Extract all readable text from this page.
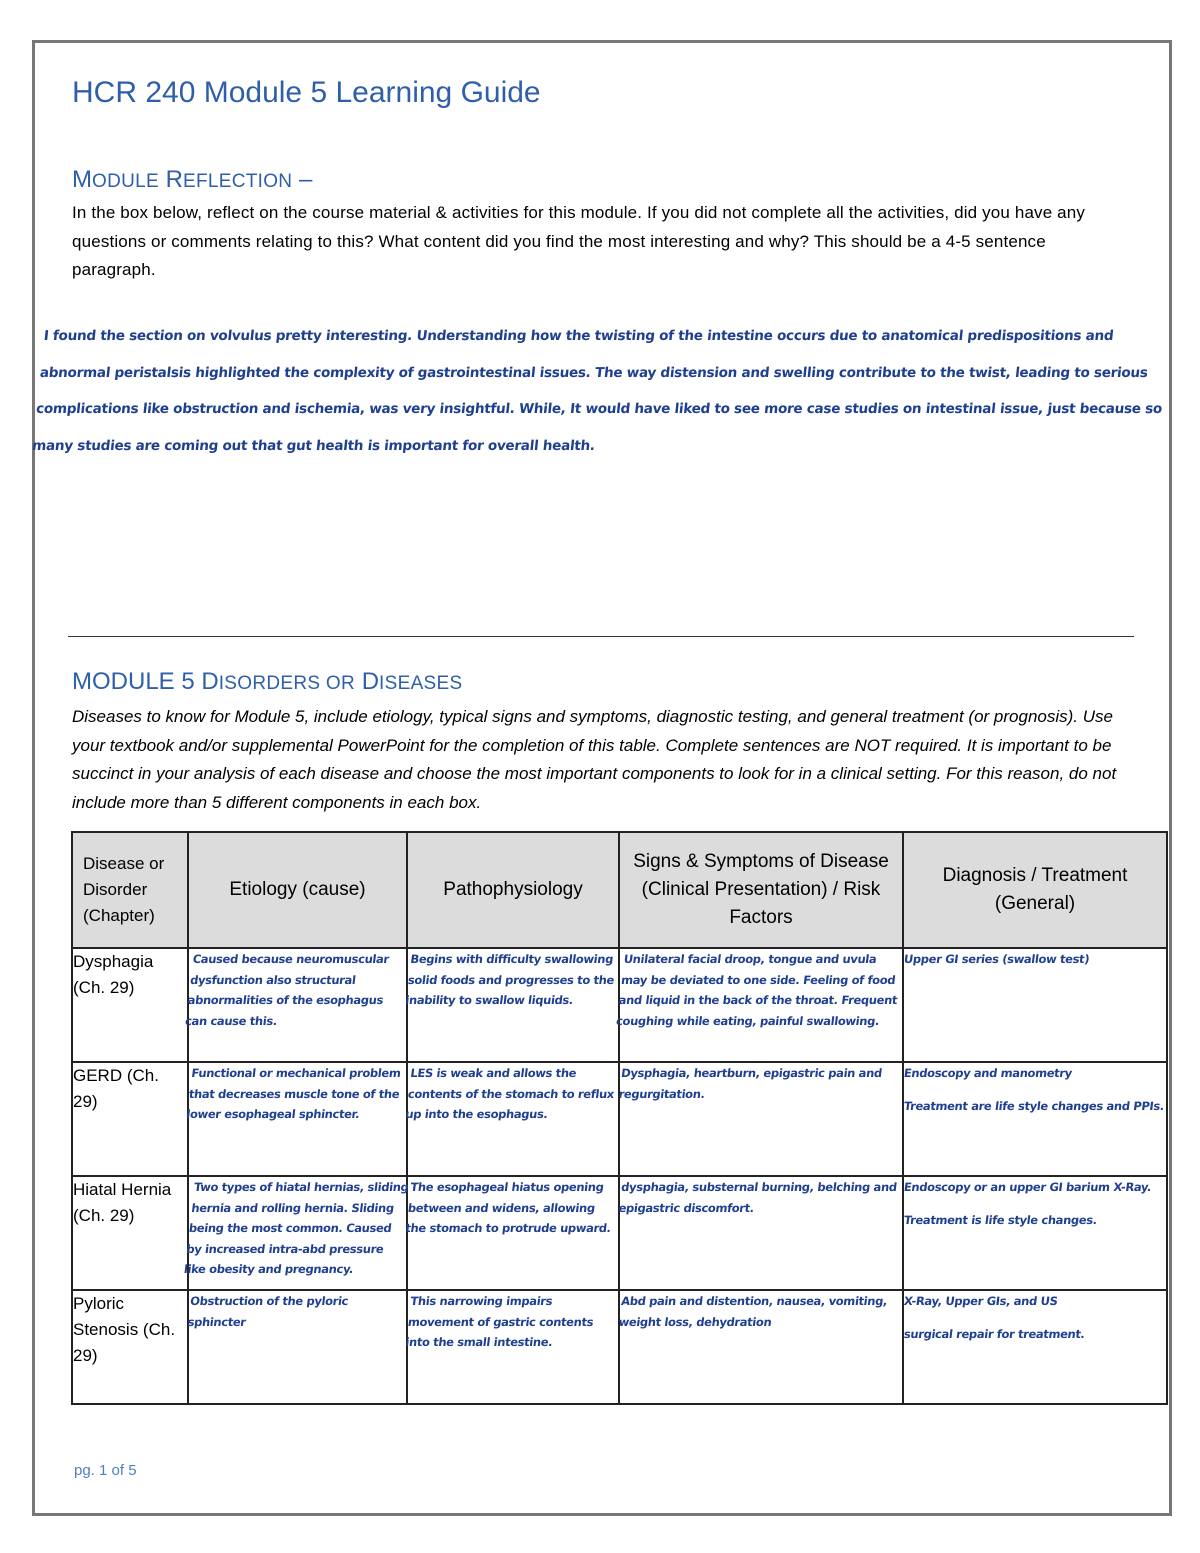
HCR 240 Module 5 Learning Guide
MODULE REFLECTION –

In the box below, reflect on the course material & activities for this module. If you did not complete all the activities, did you have any questions or comments relating to this? What content did you find the most interesting and why? This should be a 4-5 sentence paragraph.

I found the section on volvulus pretty interesting. Understanding how the twisting of the intestine occurs due to anatomical predispositions and abnormal peristalsis highlighted the complexity of gastrointestinal issues. The way distension and swelling contribute to the twist, leading to serious complications like obstruction and ischemia, was very insightful. While, It would have liked to see more case studies on intestinal issue, just because so many studies are coming out that gut health is important for overall health.

MODULE 5 DISORDERS OR DISEASES

Diseases to know for Module 5, include etiology, typical signs and symptoms, diagnostic testing, and general treatment (or prognosis). Use your textbook and/or supplemental PowerPoint for the completion of this table. Complete sentences are NOT required. It is important to be succinct in your analysis of each disease and choose the most important components to look for in a clinical setting. For this reason, do not include more than 5 different components in each box.

Disease or Disorder (Chapter)	Etiology (cause)	Pathophysiology	Signs & Symptoms of Disease (Clinical Presentation) / Risk Factors	Diagnosis / Treatment (General)
Dysphagia (Ch. 29)	Caused because neuromuscular dysfunction also structural abnormalities of the esophagus can cause this.	Begins with difficulty swallowing solid foods and progresses to the inability to swallow liquids.	Unilateral facial droop, tongue and uvula may be deviated to one side. Feeling of food and liquid in the back of the throat. Frequent coughing while eating, painful swallowing.	Upper GI series (swallow test)

GERD (Ch. 29)	Functional or mechanical problem that decreases muscle tone of the lower esophageal sphincter.	LES is weak and allows the contents of the stomach to reflux up into the esophagus.	Dysphagia, heartburn, epigastric pain and regurgitation.	Endoscopy and manometry
Treatment are life style changes and PPIs.

Hiatal Hernia (Ch. 29)	Two types of hiatal hernias, sliding hernia and rolling hernia. Sliding being the most common. Caused by increased intra-abd pressure like obesity and pregnancy.	The esophageal hiatus opening between and widens, allowing the stomach to protrude upward.	dysphagia, substernal burning, belching and epigastric discomfort.	Endoscopy or an upper GI barium X-Ray.
Treatment is life style changes.

Pyloric Stenosis (Ch. 29)	Obstruction of the pyloric sphincter	This narrowing impairs movement of gastric contents into the small intestine.	Abd pain and distention, nausea, vomiting, weight loss, dehydration	X-Ray, Upper GIs, and US
surgical repair for treatment.

pg. 1 of 5
